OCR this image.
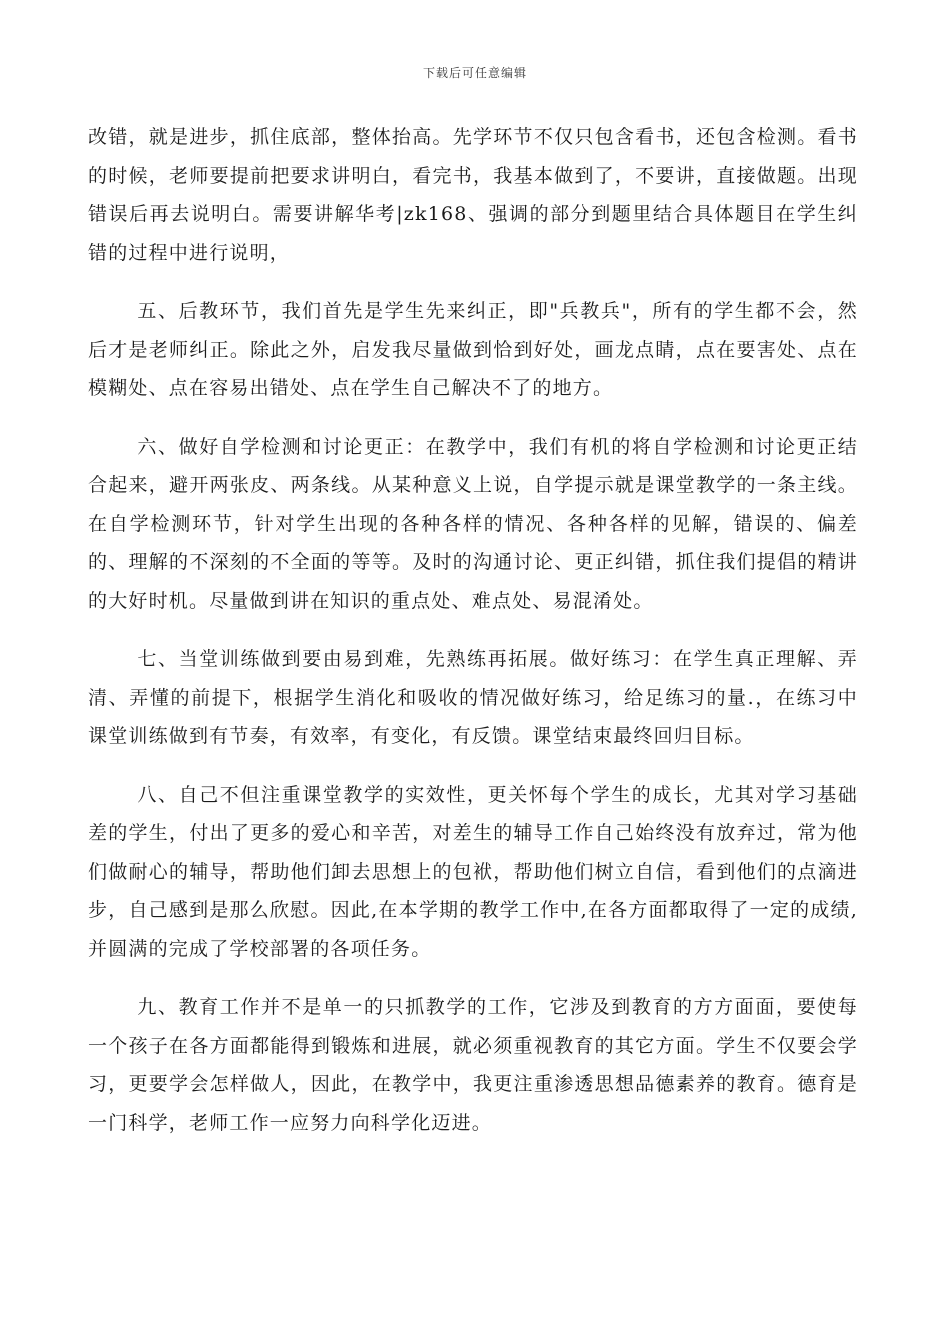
下载后可任意编辑

改错，就是进步，抓住底部，整体抬高。先学环节不仅只包含看书，还包含检测。看书的时候，老师要提前把要求讲明白，看完书，我基本做到了，不要讲，直接做题。出现错误后再去说明白。需要讲解华考|zk168、强调的部分到题里结合具体题目在学生纠错的过程中进行说明，

五、后教环节，我们首先是学生先来纠正，即"兵教兵"，所有的学生都不会，然后才是老师纠正。除此之外，启发我尽量做到恰到好处，画龙点睛，点在要害处、点在模糊处、点在容易出错处、点在学生自己解决不了的地方。

六、做好自学检测和讨论更正：在教学中，我们有机的将自学检测和讨论更正结合起来，避开两张皮、两条线。从某种意义上说，自学提示就是课堂教学的一条主线。在自学检测环节，针对学生出现的各种各样的情况、各种各样的见解，错误的、偏差的、理解的不深刻的不全面的等等。及时的沟通讨论、更正纠错，抓住我们提倡的精讲的大好时机。尽量做到讲在知识的重点处、难点处、易混淆处。

七、当堂训练做到要由易到难，先熟练再拓展。做好练习：在学生真正理解、弄清、弄懂的前提下，根据学生消化和吸收的情况做好练习，给足练习的量.，在练习中课堂训练做到有节奏，有效率，有变化，有反馈。课堂结束最终回归目标。

八、自己不但注重课堂教学的实效性，更关怀每个学生的成长，尤其对学习基础差的学生，付出了更多的爱心和辛苦，对差生的辅导工作自己始终没有放弃过，常为他们做耐心的辅导，帮助他们卸去思想上的包袱，帮助他们树立自信，看到他们的点滴进步，自己感到是那么欣慰。因此,在本学期的教学工作中,在各方面都取得了一定的成绩,并圆满的完成了学校部署的各项任务。

九、教育工作并不是单一的只抓教学的工作，它涉及到教育的方方面面，要使每一个孩子在各方面都能得到锻炼和进展，就必须重视教育的其它方面。学生不仅要会学习，更要学会怎样做人，因此，在教学中，我更注重渗透思想品德素养的教育。德育是一门科学，老师工作一应努力向科学化迈进。
